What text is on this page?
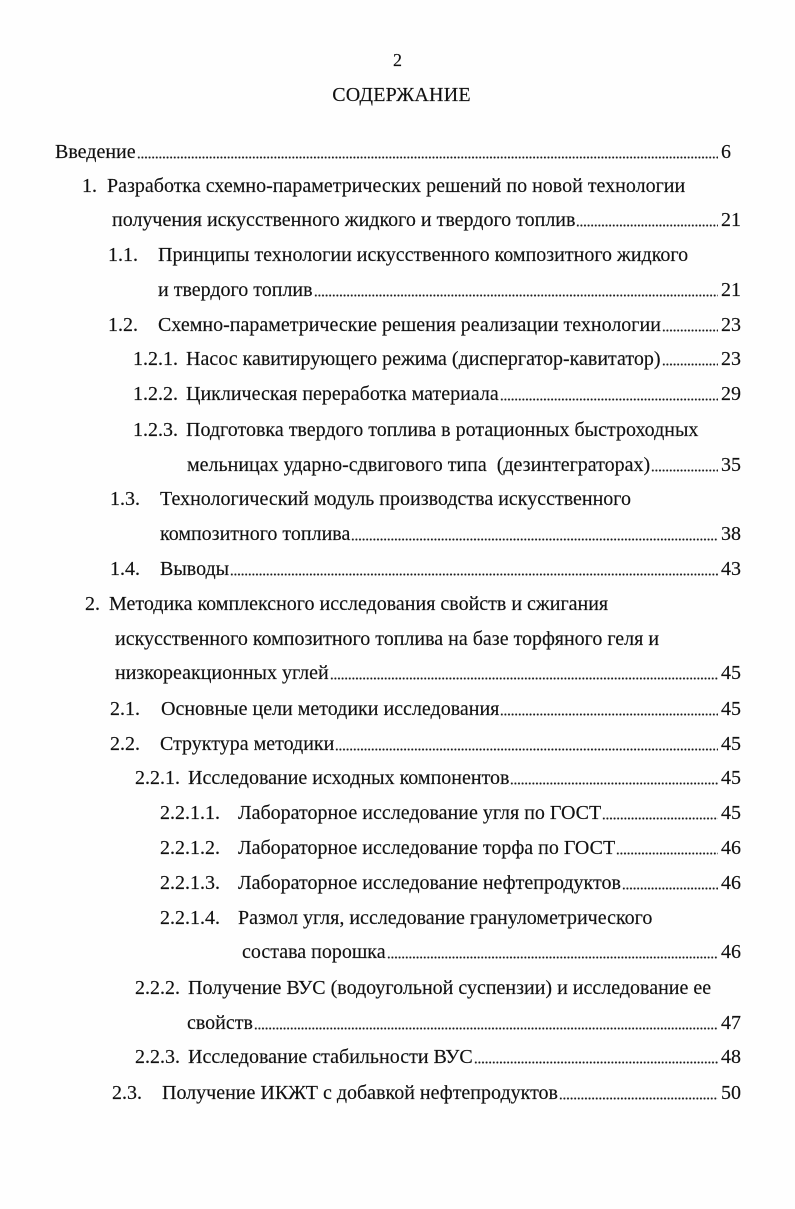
2
СОДЕРЖАНИЕ
Введение	6
1. Разработка схемно-параметрических решений по новой технологии
получения искусственного жидкого и твердого топлив	21
1.1. Принципы технологии искусственного композитного жидкого
и твердого топлив	21
1.2. Схемно-параметрические решения реализации технологии	23
1.2.1. Насос кавитирующего режима (диспергатор-кавитатор)	23
1.2.2. Циклическая переработка материала	29
1.2.3. Подготовка твердого топлива в ротационных быстроходных
мельницах ударно-сдвигового типа  (дезинтеграторах)	35
1.3. Технологический модуль производства искусственного
композитного топлива	38
1.4. Выводы	43
2. Методика комплексного исследования свойств и сжигания
искусственного композитного топлива на базе торфяного геля и
низкореакционных углей	45
2.1. Основные цели методики исследования	45
2.2. Структура методики	45
2.2.1. Исследование исходных компонентов	45
2.2.1.1. Лабораторное исследование угля по ГОСТ	45
2.2.1.2. Лабораторное исследование торфа по ГОСТ	46
2.2.1.3. Лабораторное исследование нефтепродуктов	46
2.2.1.4. Размол угля, исследование гранулометрического
состава порошка	46
2.2.2. Получение ВУС (водоугольной суспензии) и исследование ее
свойств	47
2.2.3. Исследование стабильности ВУС	48
2.3. Получение ИКЖТ с добавкой нефтепродуктов	50
